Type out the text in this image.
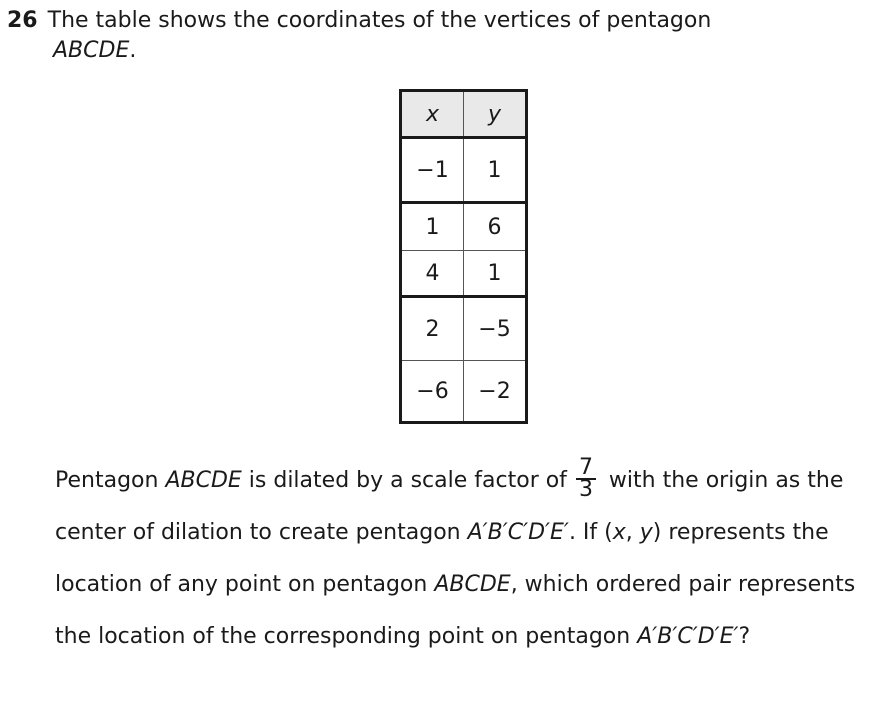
26 The table shows the coordinates of the vertices of pentagon
ABCDE.
x	y
−1	1
1	6
4	1
2	−5
−6	−2
Pentagon ABCDE is dilated by a scale factor of $\frac{7}{3}$ with the origin as the center of dilation to create pentagon A′B′C′D′E′. If (x, y) represents the location of any point on pentagon ABCDE, which ordered pair represents the location of the corresponding point on pentagon A′B′C′D′E′?
